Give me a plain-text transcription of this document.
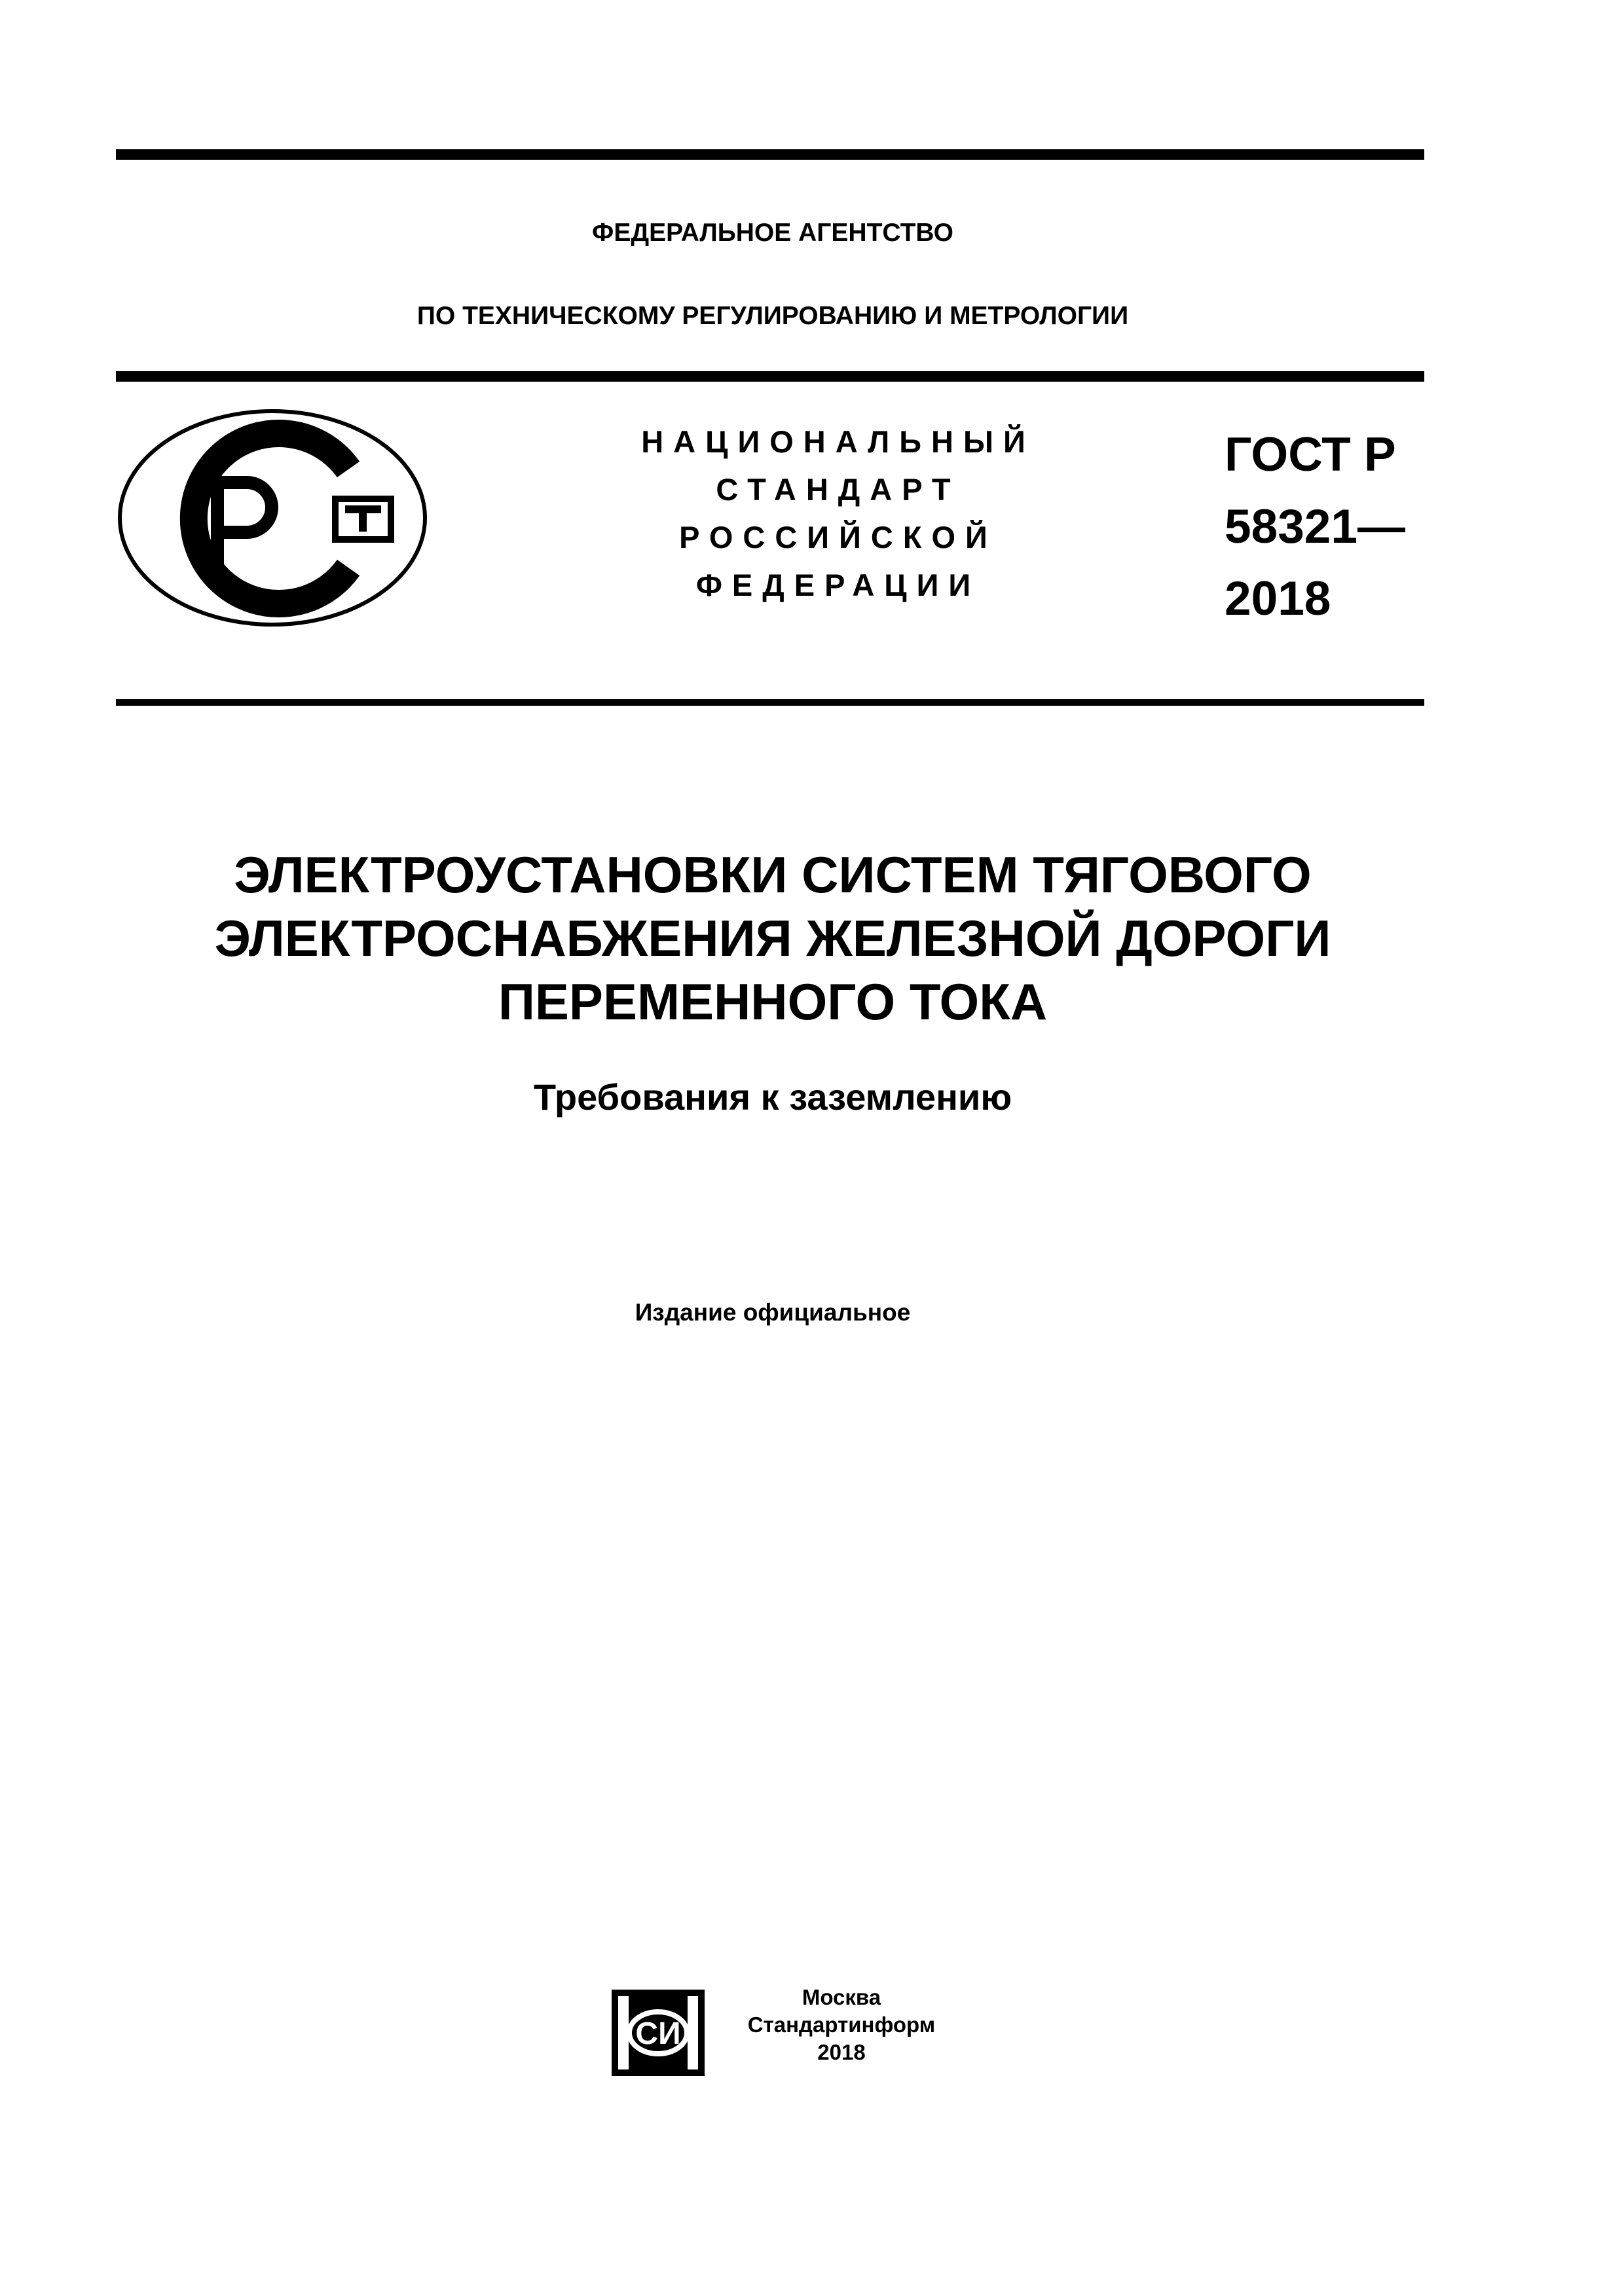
ФЕДЕРАЛЬНОЕ АГЕНТСТВО
ПО ТЕХНИЧЕСКОМУ РЕГУЛИРОВАНИЮ И МЕТРОЛОГИИ
НАЦИОНАЛЬНЫЙ
СТАНДАРТ
РОССИЙСКОЙ
ФЕДЕРАЦИИ
ГОСТ Р
58321—
2018
ЭЛЕКТРОУСТАНОВКИ СИСТЕМ ТЯГОВОГО
ЭЛЕКТРОСНАБЖЕНИЯ ЖЕЛЕЗНОЙ ДОРОГИ
ПЕРЕМЕННОГО ТОКА
Требования к заземлению
Издание официальное
СИ
Москва
Стандартинформ
2018
